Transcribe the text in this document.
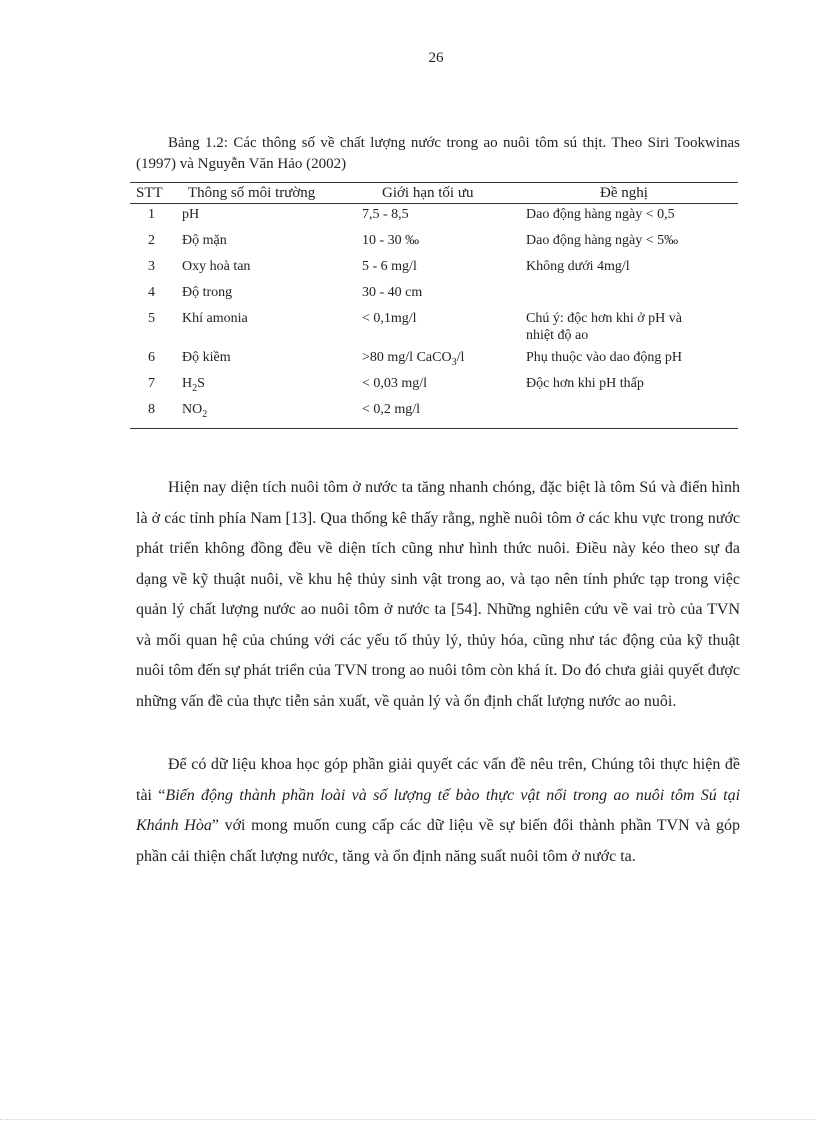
26
Bảng 1.2: Các thông số về chất lượng nước trong ao nuôi tôm sú thịt. Theo Siri Tookwinas (1997) và Nguyễn Văn Hảo (2002)
STT Thông số môi trường	Giới hạn tối ưu	Đề nghị
1 pH	7,5 - 8,5	Dao động hàng ngày < 0,5
2 Độ mặn	10 - 30 ‰	Dao động hàng ngày < 5‰
3 Oxy hoà tan	5 - 6 mg/l	Không dưới 4mg/l
4 Độ trong	30 - 40 cm
5 Khí amonia	< 0,1mg/l	Chú ý: độc hơn khi ở pH và
nhiệt độ ao
6 Độ kiềm	>80 mg/l CaCO$_3$/l	Phụ thuộc vào dao động pH
7 $H_2S$	< 0,03 mg/l	Độc hơn khi pH thấp
8 $NO_2$	< 0,2 mg/l
Hiện nay diện tích nuôi tôm ở nước ta tăng nhanh chóng, đặc biệt là tôm Sú và điển hình là ở các tỉnh phía Nam [13]. Qua thống kê thấy rằng, nghề nuôi tôm ở các khu vực trong nước phát triển không đồng đều về diện tích cũng như hình thức nuôi. Điều này kéo theo sự đa dạng về kỹ thuật nuôi, về khu hệ thủy sinh vật trong ao, và tạo nên tính phức tạp trong việc quản lý chất lượng nước ao nuôi tôm ở nước ta [54]. Những nghiên cứu về vai trò của TVN và mối quan hệ của chúng với các yếu tố thủy lý, thủy hóa, cũng như tác động của kỹ thuật nuôi tôm đến sự phát triển của TVN trong ao nuôi tôm còn khá ít. Do đó chưa giải quyết được những vấn đề của thực tiễn sản xuất, về quản lý và ổn định chất lượng nước ao nuôi.
Để có dữ liệu khoa học góp phần giải quyết các vấn đề nêu trên, Chúng tôi thực hiện đề tài “Biến động thành phần loài và số lượng tế bào thực vật nổi trong ao nuôi tôm Sú tại Khánh Hòa” với mong muốn cung cấp các dữ liệu về sự biến đổi thành phần TVN và góp phần cải thiện chất lượng nước, tăng và ổn định năng suất nuôi tôm ở nước ta.
